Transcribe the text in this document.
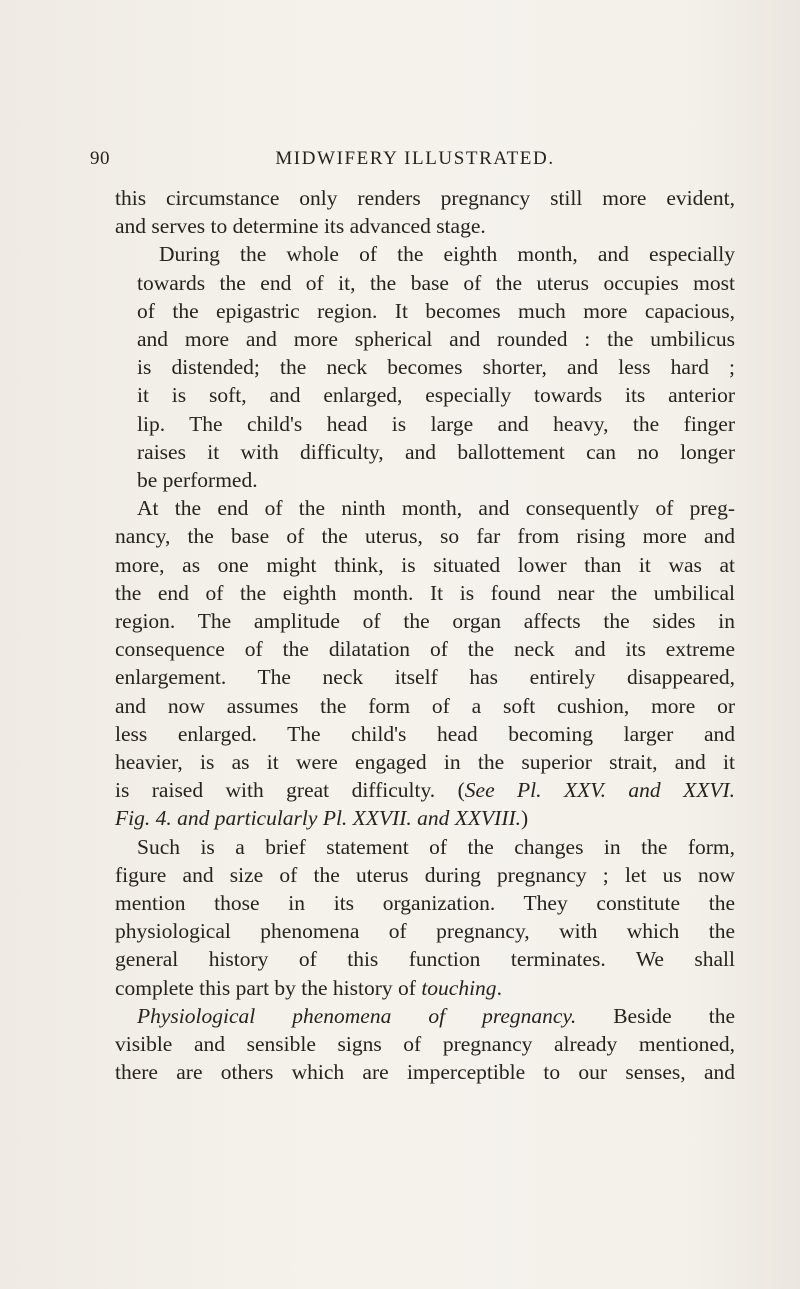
90	MIDWIFERY ILLUSTRATED.

this circumstance only renders pregnancy still more evident,
and serves to determine its advanced stage.

During the whole of the eighth month, and especially
towards the end of it, the base of the uterus occupies most
of the epigastric region. It becomes much more capacious,
and more and more spherical and rounded : the umbilicus
is distended; the neck becomes shorter, and less hard ;
it is soft, and enlarged, especially towards its anterior
lip. The child's head is large and heavy, the finger
raises it with difficulty, and ballottement can no longer
be performed.

At the end of the ninth month, and consequently of preg-
nancy, the base of the uterus, so far from rising more and
more, as one might think, is situated lower than it was at
the end of the eighth month. It is found near the umbilical
region. The amplitude of the organ affects the sides in
consequence of the dilatation of the neck and its extreme
enlargement. The neck itself has entirely disappeared,
and now assumes the form of a soft cushion, more or
less enlarged. The child's head becoming larger and
heavier, is as it were engaged in the superior strait, and it
is raised with great difficulty. (See Pl. XXV. and XXVI.
Fig. 4. and particularly Pl. XXVII. and XXVIII.)

Such is a brief statement of the changes in the form,
figure and size of the uterus during pregnancy ; let us now
mention those in its organization. They constitute the
physiological phenomena of pregnancy, with which the
general history of this function terminates. We shall
complete this part by the history of touching.

Physiological phenomena of pregnancy. Beside the
visible and sensible signs of pregnancy already mentioned,
there are others which are imperceptible to our senses, and
